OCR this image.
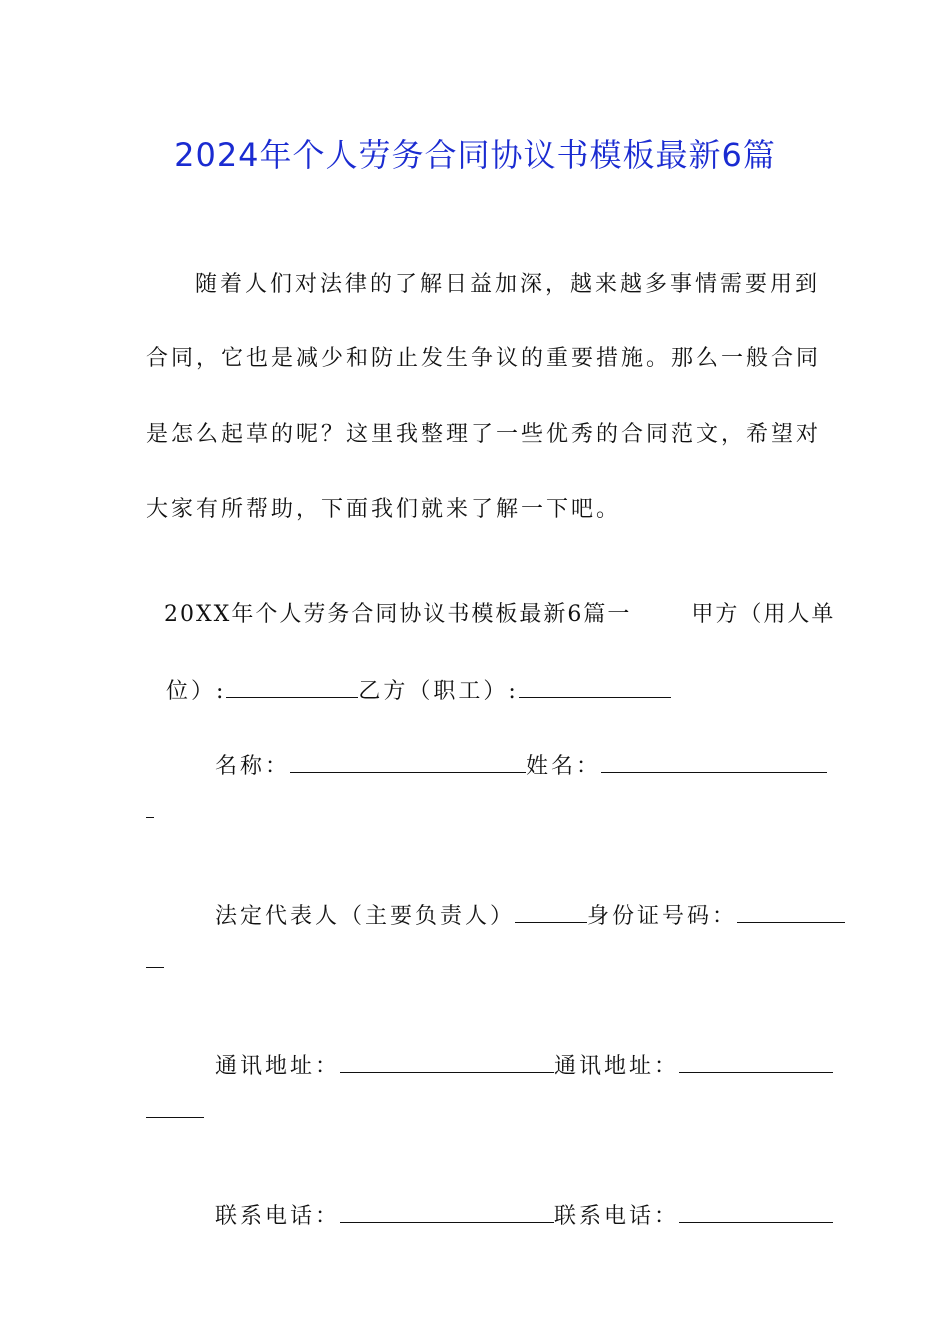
2024年个人劳务合同协议书模板最新6篇
随着人们对法律的了解日益加深，越来越多事情需要用到
合同，它也是减少和防止发生争议的重要措施。那么一般合同
是怎么起草的呢？这里我整理了一些优秀的合同范文，希望对
大家有所帮助，下面我们就来了解一下吧。

20XX年个人劳务合同协议书模板最新6篇一	甲方（用人单

位）:	乙方（职工）:

名称：	姓名：

法定代表人（主要负责人）	身份证号码：

通讯地址：	通讯地址：

联系电话：	联系电话：
